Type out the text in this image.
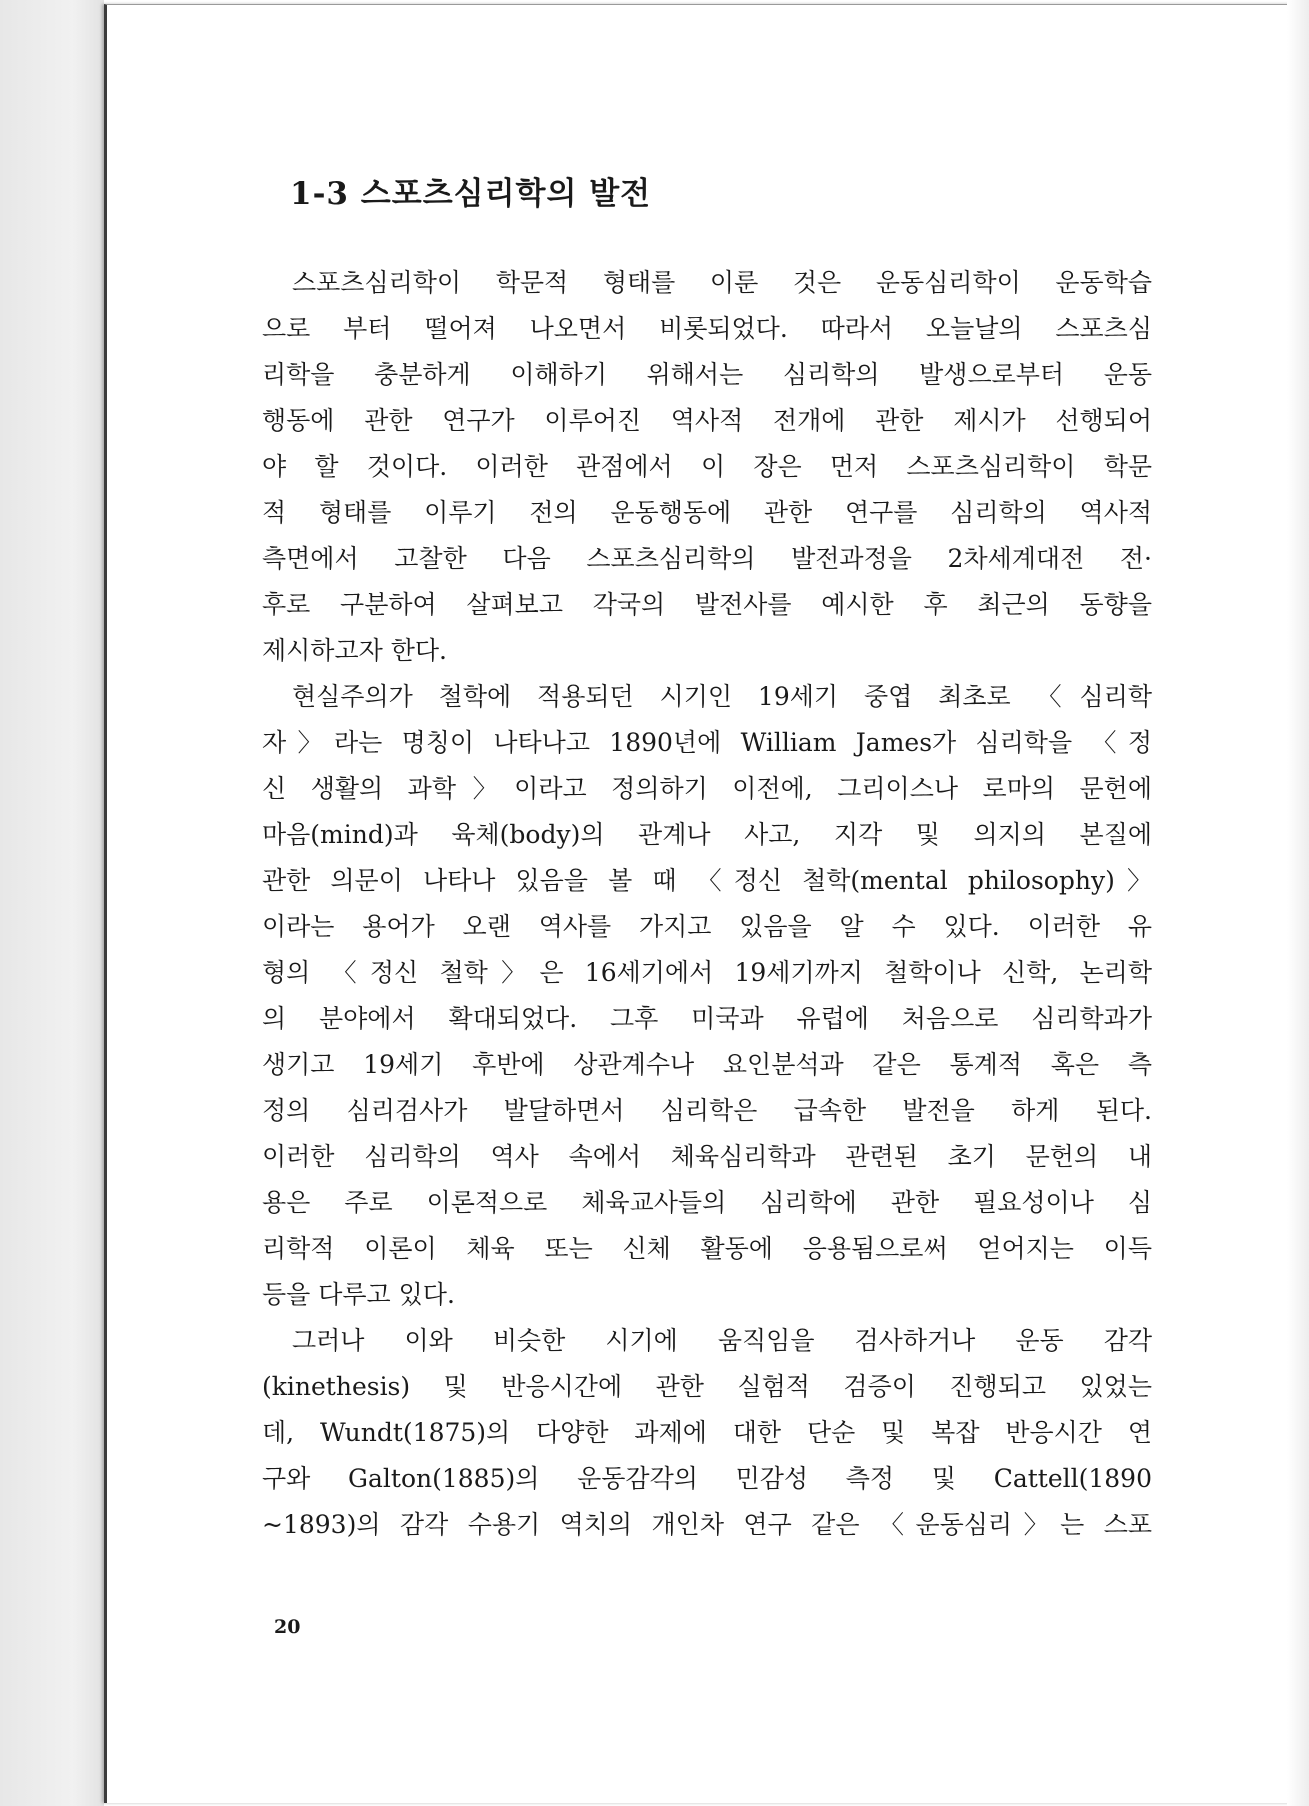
1-3 스포츠심리학의 발전
스포츠심리학이 학문적 형태를 이룬 것은 운동심리학이 운동학습
으로 부터 떨어져 나오면서 비롯되었다. 따라서 오늘날의 스포츠심
리학을 충분하게 이해하기 위해서는 심리학의 발생으로부터 운동
행동에 관한 연구가 이루어진 역사적 전개에 관한 제시가 선행되어
야 할 것이다. 이러한 관점에서 이 장은 먼저 스포츠심리학이 학문
적 형태를 이루기 전의 운동행동에 관한 연구를 심리학의 역사적
측면에서 고찰한 다음 스포츠심리학의 발전과정을 2차세계대전 전·
후로 구분하여 살펴보고 각국의 발전사를 예시한 후 최근의 동향을
제시하고자 한다.
현실주의가 철학에 적용되던 시기인 19세기 중엽 최초로 〈심리학
자〉라는 명칭이 나타나고 1890년에 William James가 심리학을 〈정
신 생활의 과학〉이라고 정의하기 이전에, 그리이스나 로마의 문헌에
마음(mind)과 육체(body)의 관계나 사고, 지각 및 의지의 본질에
관한 의문이 나타나 있음을 볼 때 〈정신 철학(mental philosophy)〉
이라는 용어가 오랜 역사를 가지고 있음을 알 수 있다. 이러한 유
형의 〈정신 철학〉은 16세기에서 19세기까지 철학이나 신학, 논리학
의 분야에서 확대되었다. 그후 미국과 유럽에 처음으로 심리학과가
생기고 19세기 후반에 상관계수나 요인분석과 같은 통계적 혹은 측
정의 심리검사가 발달하면서 심리학은 급속한 발전을 하게 된다.
이러한 심리학의 역사 속에서 체육심리학과 관련된 초기 문헌의 내
용은 주로 이론적으로 체육교사들의 심리학에 관한 필요성이나 심
리학적 이론이 체육 또는 신체 활동에 응용됨으로써 얻어지는 이득
등을 다루고 있다.
그러나 이와 비슷한 시기에 움직임을 검사하거나 운동 감각
(kinethesis) 및 반응시간에 관한 실험적 검증이 진행되고 있었는
데, Wundt(1875)의 다양한 과제에 대한 단순 및 복잡 반응시간 연
구와 Galton(1885)의 운동감각의 민감성 측정 및 Cattell(1890
~1893)의 감각 수용기 역치의 개인차 연구 같은 〈운동심리〉는 스포
20
